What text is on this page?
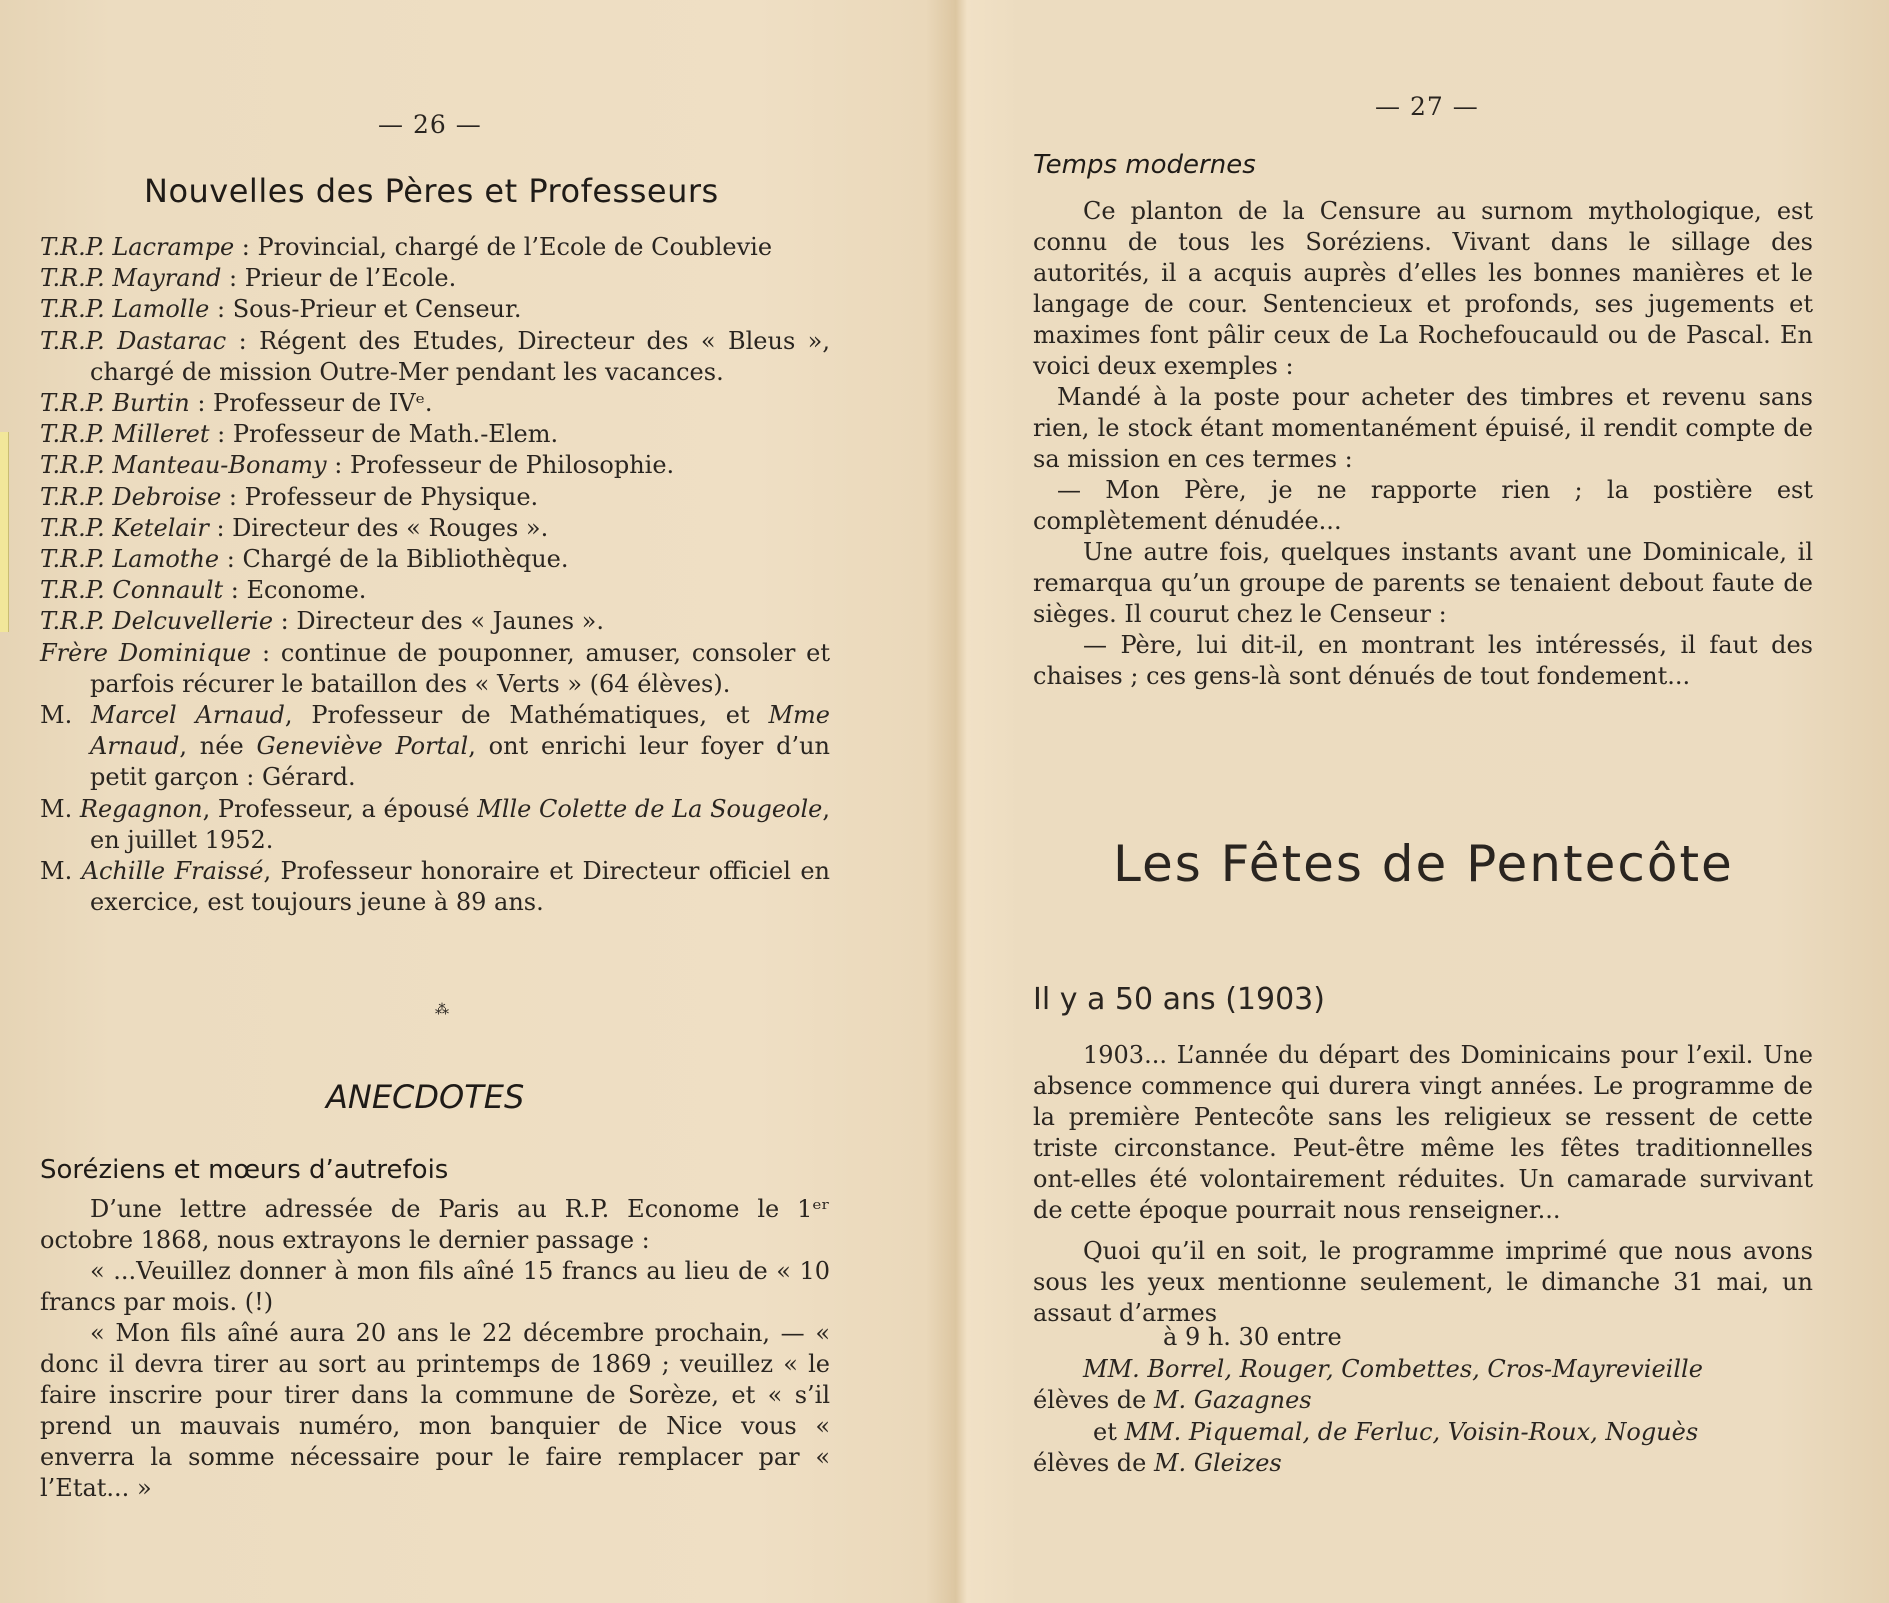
— 26 —
Nouvelles des Pères et Professeurs

T.R.P. Lacrampe : Provincial, chargé de l’Ecole de Coublevie

T.R.P. Mayrand : Prieur de l’Ecole.

T.R.P. Lamolle : Sous-Prieur et Censeur.

T.R.P. Dastarac : Régent des Etudes, Directeur des « Bleus », chargé de mission Outre-Mer pendant les vacances.

T.R.P. Burtin : Professeur de IVᵉ.

T.R.P. Milleret : Professeur de Math.-Elem.

T.R.P. Manteau-Bonamy : Professeur de Philosophie.

T.R.P. Debroise : Professeur de Physique.

T.R.P. Ketelair : Directeur des « Rouges ».

T.R.P. Lamothe : Chargé de la Bibliothèque.

T.R.P. Connault : Econome.

T.R.P. Delcuvellerie : Directeur des « Jaunes ».

Frère Dominique : continue de pouponner, amuser, consoler et parfois récurer le bataillon des « Verts » (64 élèves).

M. Marcel Arnaud, Professeur de Mathématiques, et Mme Arnaud, née Geneviève Portal, ont enrichi leur foyer d’un petit garçon : Gérard.

M. Regagnon, Professeur, a épousé Mlle Colette de La Sougeole, en juillet 1952.

M. Achille Fraissé, Professeur honoraire et Directeur officiel en exercice, est toujours jeune à 89 ans.

⁂
ANECDOTES
Soréziens et mœurs d’autrefois

D’une lettre adressée de Paris au R.P. Econome le 1ᵉʳ octobre 1868, nous extrayons le dernier passage :

« ...Veuillez donner à mon fils aîné 15 francs au lieu de « 10 francs par mois. (!)

« Mon fils aîné aura 20 ans le 22 décembre prochain, — « donc il devra tirer au sort au printemps de 1869 ; veuillez « le faire inscrire pour tirer dans la commune de Sorèze, et « s’il prend un mauvais numéro, mon banquier de Nice vous « enverra la somme nécessaire pour le faire remplacer par « l’Etat... »

— 27 —
Temps modernes

Ce planton de la Censure au surnom mythologique, est connu de tous les Soréziens. Vivant dans le sillage des autorités, il a acquis auprès d’elles les bonnes manières et le langage de cour. Sentencieux et profonds, ses jugements et maximes font pâlir ceux de La Rochefoucauld ou de Pascal. En voici deux exemples :

Mandé à la poste pour acheter des timbres et revenu sans rien, le stock étant momentanément épuisé, il rendit compte de sa mission en ces termes :

— Mon Père, je ne rapporte rien ; la postière est complètement dénudée...

Une autre fois, quelques instants avant une Dominicale, il remarqua qu’un groupe de parents se tenaient debout faute de sièges. Il courut chez le Censeur :

— Père, lui dit-il, en montrant les intéressés, il faut des chaises ; ces gens-là sont dénués de tout fondement...

Les Fêtes de Pentecôte
Il y a 50 ans (1903)

1903... L’année du départ des Dominicains pour l’exil. Une absence commence qui durera vingt années. Le programme de la première Pentecôte sans les religieux se ressent de cette triste circonstance. Peut-être même les fêtes traditionnelles ont-elles été volontairement réduites. Un camarade survivant de cette époque pourrait nous renseigner...

Quoi qu’il en soit, le programme imprimé que nous avons sous les yeux mentionne seulement, le dimanche 31 mai, un assaut d’armes

à 9 h. 30 entre

MM. Borrel, Rouger, Combettes, Cros-Mayrevieille

élèves de M. Gazagnes

et MM. Piquemal, de Ferluc, Voisin-Roux, Noguès

élèves de M. Gleizes
